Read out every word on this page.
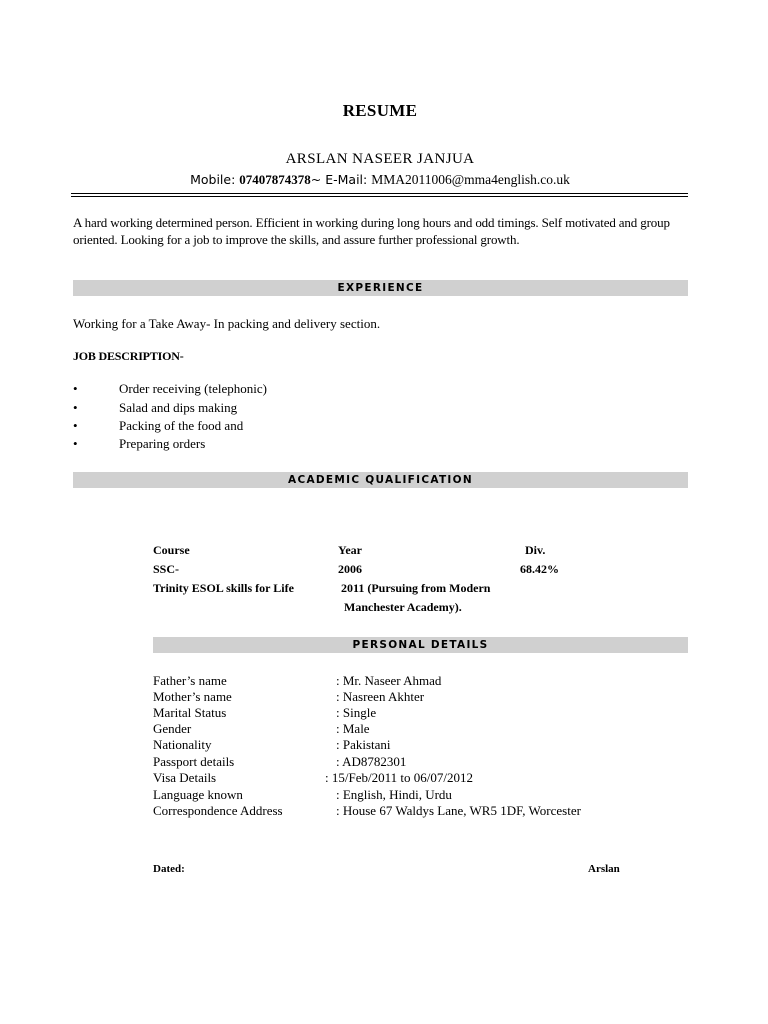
RESUME
ARSLAN NASEER JANJUA
Mobile: 07407874378~ E-Mail: MMA2011006@mma4english.co.uk
A hard working determined person. Efficient in working during long hours and odd timings. Self motivated and group oriented. Looking for a job to improve the skills, and assure further professional growth.
EXPERIENCE
Working for a Take Away- In packing and delivery section.
JOB DESCRIPTION-
•	Order receiving (telephonic)
•	Salad and dips making
•	Packing of the food and
•	Preparing orders
ACADEMIC QUALIFICATION
Course	Year	Div.
SSC-	2006	68.42%
Trinity ESOL skills for Life	2011 (Pursuing from Modern
Manchester Academy).
PERSONAL DETAILS
Father’s name	: Mr. Naseer Ahmad
Mother’s name	: Nasreen Akhter
Marital Status	: Single
Gender	: Male
Nationality	: Pakistani
Passport details	: AD8782301
Visa Details	: 15/Feb/2011 to 06/07/2012
Language known	: English, Hindi, Urdu
Correspondence Address	: House 67 Waldys Lane, WR5 1DF, Worcester
Dated:	Arslan
